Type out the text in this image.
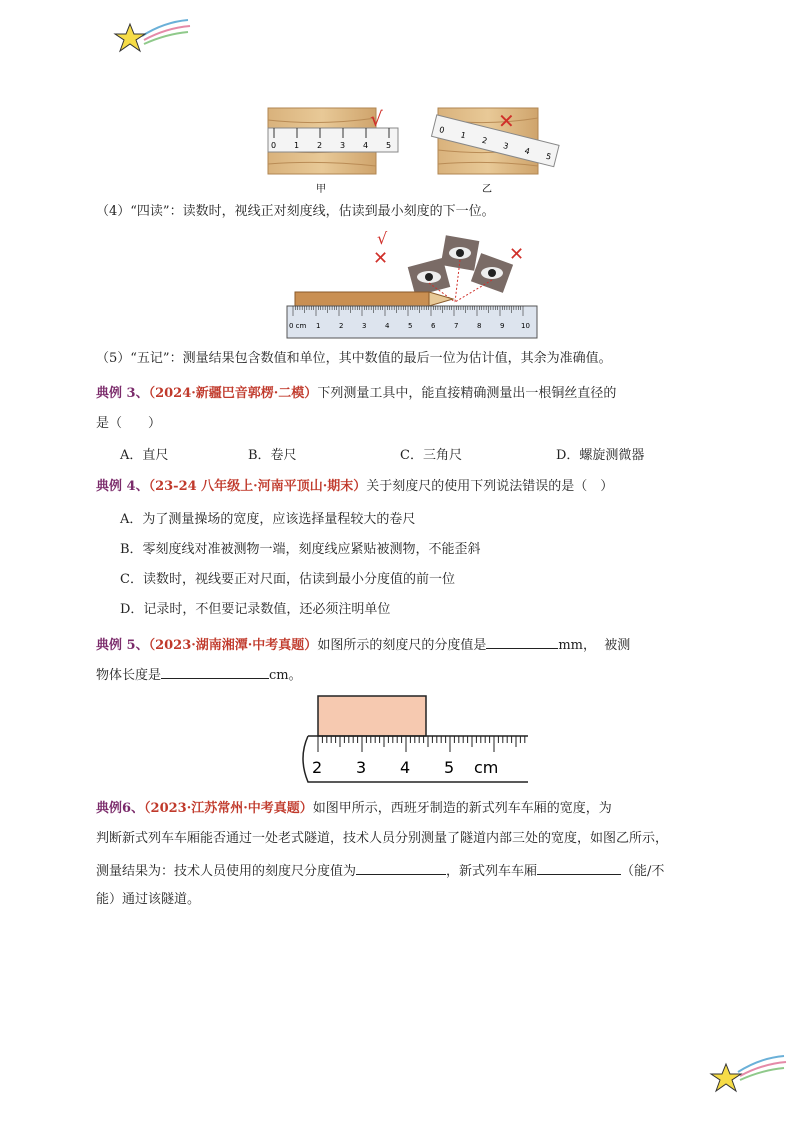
0 1 2 3 4 5
√
甲
0
1
2
3
4
5
✕
乙
（4）“四读”：读数时，视线正对刻度线，估读到最小刻度的下一位。
√
✕	✕
0 cm 1	2	3	4	5	6	7	8	9 10
（5）“五记”：测量结果包含数值和单位，其中数值的最后一位为估计值，其余为准确值。
典例 3、（2024·新疆巴音郭楞·二模）下列测量工具中，能直接精确测量出一根铜丝直径的
是（　　）
A．直尺	B．卷尺	C．三角尺	D．螺旋测微器
典例 4、（23-24 八年级上·河南平顶山·期末）关于刻度尺的使用下列说法错误的是（　）
A．为了测量操场的宽度，应该选择量程较大的卷尺
B．零刻度线对准被测物一端，刻度线应紧贴被测物，不能歪斜
C．读数时，视线要正对尺面，估读到最小分度值的前一位
D．记录时，不但要记录数值，还必须注明单位
典例 5、（2023·湖南湘潭·中考真题）如图所示的刻度尺的分度值是	mm， 被测
物体长度是	cm。
2 3 4 5 cm
典例6、（2023·江苏常州·中考真题）如图甲所示，西班牙制造的新式列车车厢的宽度，为
判断新式列车车厢能否通过一处老式隧道，技术人员分别测量了隧道内部三处的宽度，如图乙所示，
测量结果为：技术人员使用的刻度尺分度值为	，新式列车车厢	（能/不
能）通过该隧道。
